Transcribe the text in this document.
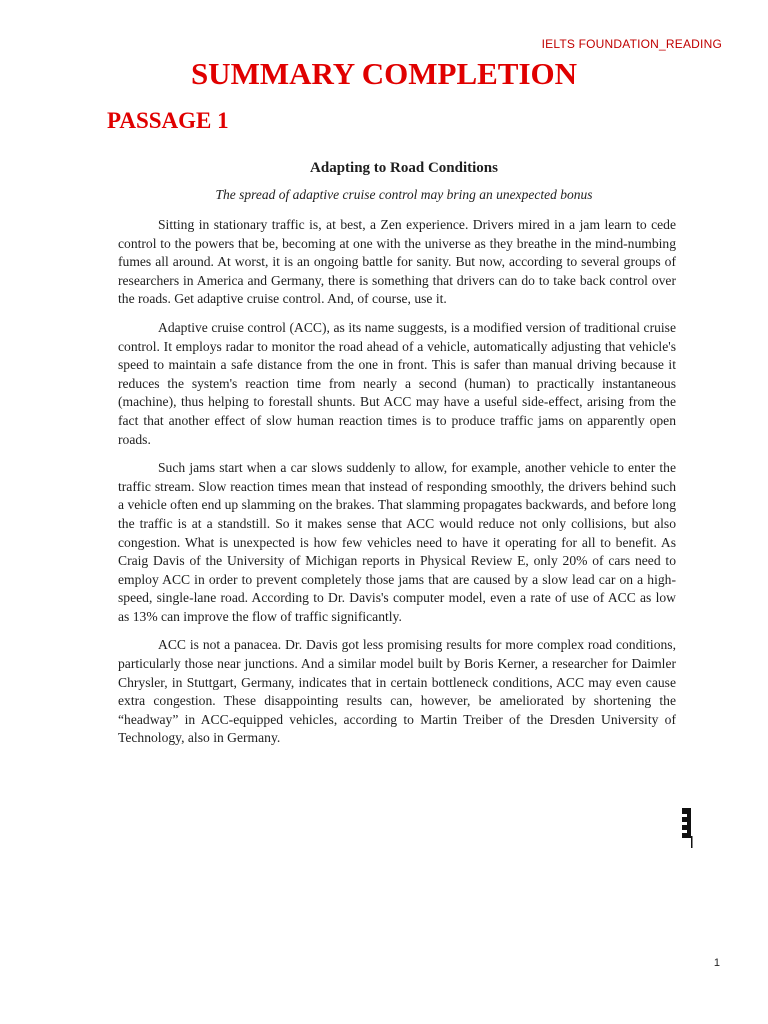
IELTS FOUNDATION_READING
SUMMARY COMPLETION
PASSAGE 1
Adapting to Road Conditions
The spread of adaptive cruise control may bring an unexpected bonus

Sitting in stationary traffic is, at best, a Zen experience. Drivers mired in a jam learn to cede control to the powers that be, becoming at one with the universe as they breathe in the mind-numbing fumes all around. At worst, it is an ongoing battle for sanity. But now, according to several groups of researchers in America and Germany, there is something that drivers can do to take back control over the roads. Get adaptive cruise control. And, of course, use it.

Adaptive cruise control (ACC), as its name suggests, is a modified version of traditional cruise control. It employs radar to monitor the road ahead of a vehicle, automatically adjusting that vehicle's speed to maintain a safe distance from the one in front. This is safer than manual driving because it reduces the system's reaction time from nearly a second (human) to practically instantaneous (machine), thus helping to forestall shunts. But ACC may have a useful side-effect, arising from the fact that another effect of slow human reaction times is to produce traffic jams on apparently open roads.

Such jams start when a car slows suddenly to allow, for example, another vehicle to enter the traffic stream. Slow reaction times mean that instead of responding smoothly, the drivers behind such a vehicle often end up slamming on the brakes. That slamming propagates backwards, and before long the traffic is at a standstill. So it makes sense that ACC would reduce not only collisions, but also congestion. What is unexpected is how few vehicles need to have it operating for all to benefit. As Craig Davis of the University of Michigan reports in Physical Review E, only 20% of cars need to employ ACC in order to prevent completely those jams that are caused by a slow lead car on a high-speed, single-lane road. According to Dr. Davis's computer model, even a rate of use of ACC as low as 13% can improve the flow of traffic significantly.

ACC is not a panacea. Dr. Davis got less promising results for more complex road conditions, particularly those near junctions. And a similar model built by Boris Kerner, a researcher for Daimler Chrysler, in Stuttgart, Germany, indicates that in certain bottleneck conditions, ACC may even cause extra congestion. These disappointing results can, however, be ameliorated by shortening the “headway” in ACC-equipped vehicles, according to Martin Treiber of the Dresden University of Technology, also in Germany.

1
